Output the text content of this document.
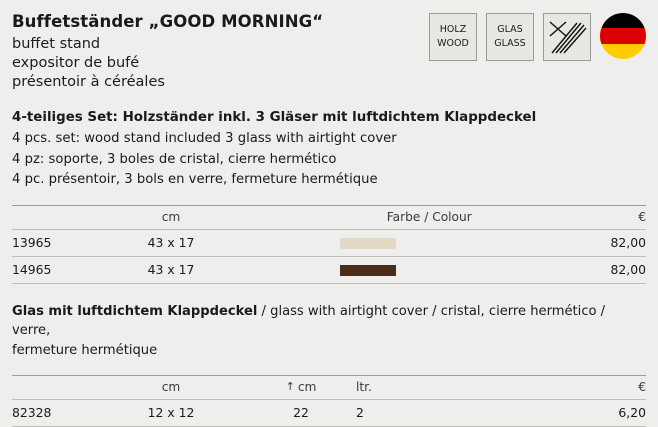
Buffetständer „GOOD MORNING“
buffet stand
expositor de bufé
présentoir à céréales
HOLZ
WOOD
GLAS
GLASS
4-teiliges Set: Holzständer inkl. 3 Gläser mit luftdichtem Klappdeckel
4 pcs. set: wood stand included 3 glass with airtight cover
4 pz: soporte, 3 boles de cristal, cierre hermético
4 pc. présentoir, 3 bols en verre, fermeture hermétique
	cm	Farbe / Colour	€
13965	43 x 17		82,00
14965	43 x 17		82,00
Glas mit luftdichtem Klappdeckel / glass with airtight cover / cristal, cierre hermético / verre,
fermeture hermétique
	cm	↑ cm	ltr.	€
82328	12 x 12	22	2	6,20
